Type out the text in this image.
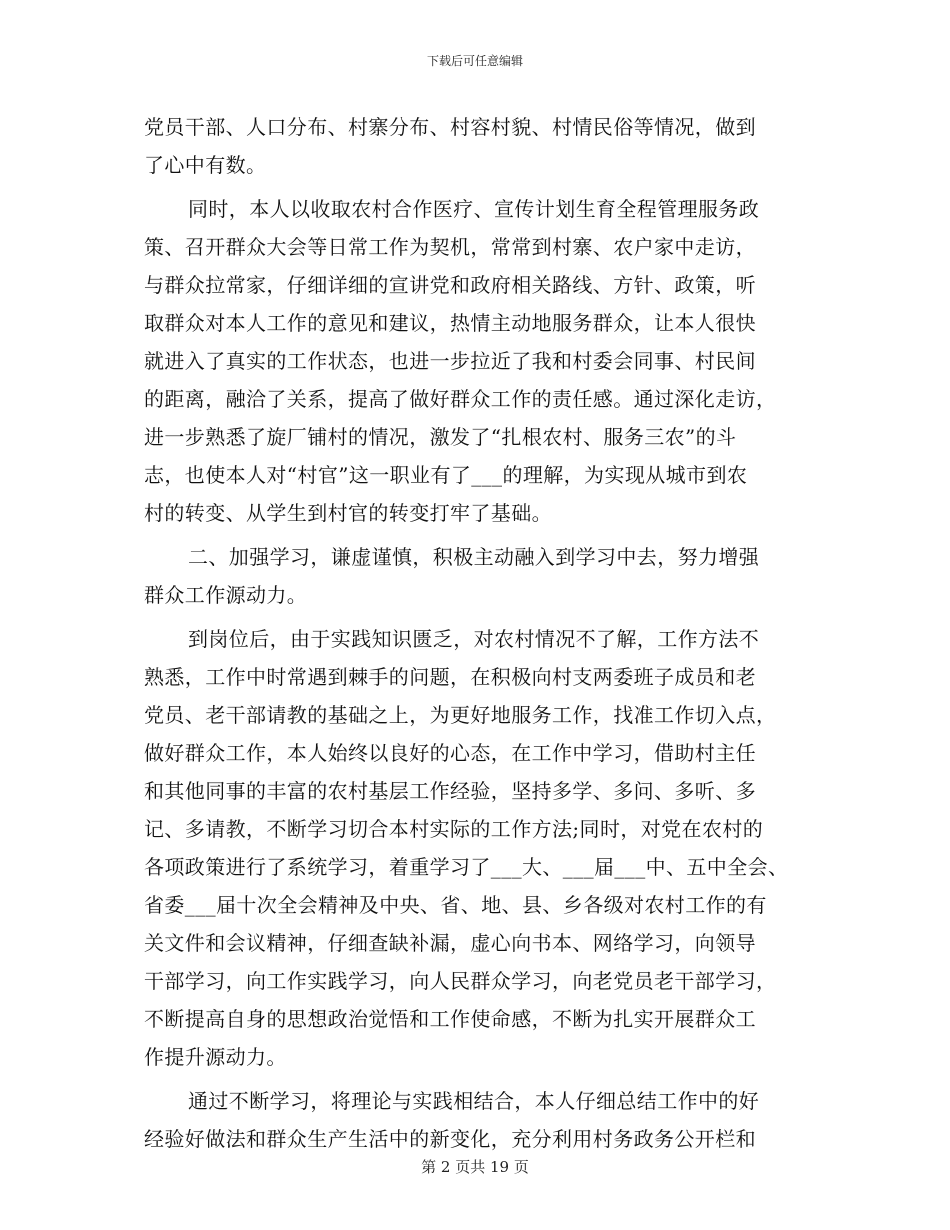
下载后可任意编辑
党员干部、人口分布、村寨分布、村容村貌、村情民俗等情况，做到
了心中有数。
同时，本人以收取农村合作医疗、宣传计划生育全程管理服务政
策、召开群众大会等日常工作为契机，常常到村寨、农户家中走访，
与群众拉常家，仔细详细的宣讲党和政府相关路线、方针、政策，听
取群众对本人工作的意见和建议，热情主动地服务群众，让本人很快
就进入了真实的工作状态，也进一步拉近了我和村委会同事、村民间
的距离，融洽了关系，提高了做好群众工作的责任感。通过深化走访，
进一步熟悉了旋厂铺村的情况，激发了“扎根农村、服务三农”的斗
志，也使本人对“村官”这一职业有了___的理解，为实现从城市到农
村的转变、从学生到村官的转变打牢了基础。
二、加强学习，谦虚谨慎，积极主动融入到学习中去，努力增强
群众工作源动力。
到岗位后，由于实践知识匮乏，对农村情况不了解，工作方法不
熟悉，工作中时常遇到棘手的问题，在积极向村支两委班子成员和老
党员、老干部请教的基础之上，为更好地服务工作，找准工作切入点，
做好群众工作，本人始终以良好的心态，在工作中学习，借助村主任
和其他同事的丰富的农村基层工作经验，坚持多学、多问、多听、多
记、多请教，不断学习切合本村实际的工作方法;同时，对党在农村的
各项政策进行了系统学习，着重学习了___大、___届___中、五中全会、
省委___届十次全会精神及中央、省、地、县、乡各级对农村工作的有
关文件和会议精神，仔细查缺补漏，虚心向书本、网络学习，向领导
干部学习，向工作实践学习，向人民群众学习，向老党员老干部学习，
不断提高自身的思想政治觉悟和工作使命感，不断为扎实开展群众工
作提升源动力。
通过不断学习，将理论与实践相结合，本人仔细总结工作中的好
经验好做法和群众生产生活中的新变化，充分利用村务政务公开栏和
第 2 页共 19 页
